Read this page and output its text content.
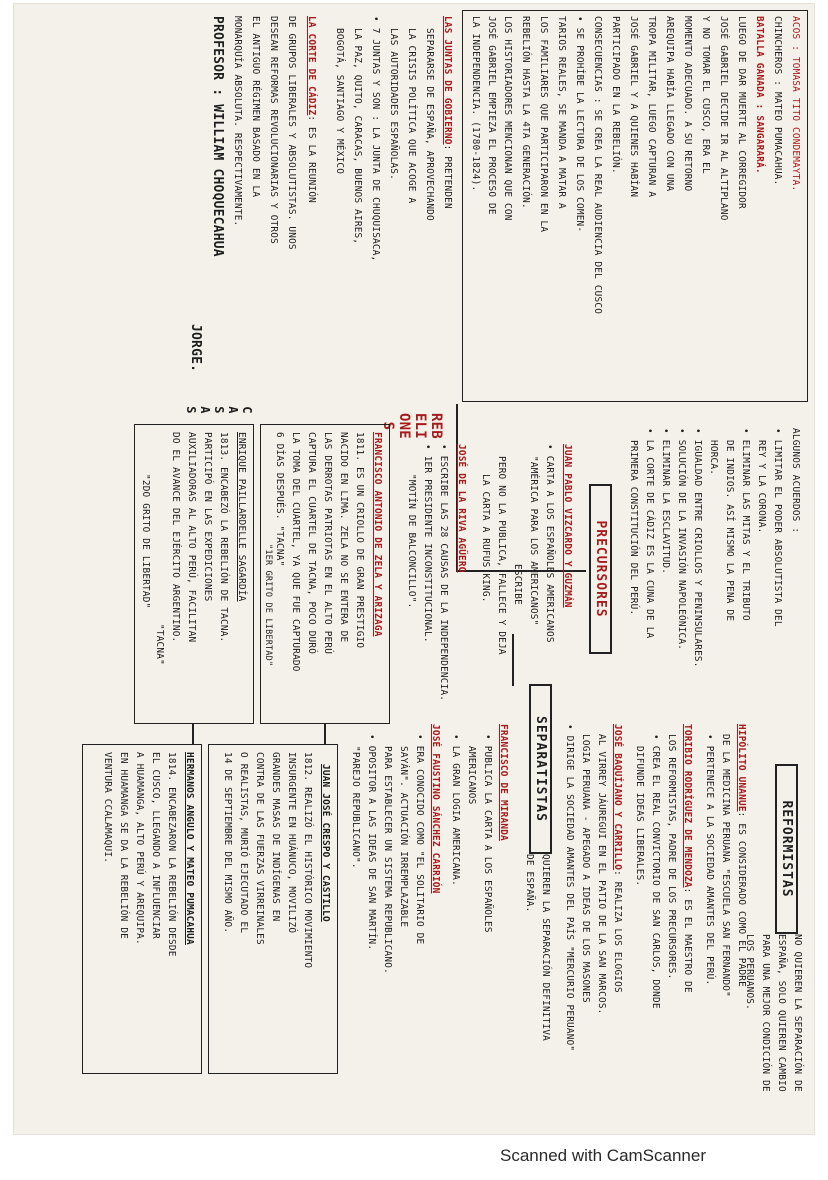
ACOS : TOMASA TITO CONDEMAYTA.
CHINCHEROS : MATEO PUMACAHUA.
BATALLA GANADA : SANGARARÁ.
LUEGO DE DAR MUERTE AL CORREGIDOR
JOSÉ GABRIEL DECIDE IR AL ALTIPLANO
Y NO TOMAR EL CUSCO, ERA EL
MOMENTO ADECUADO. A SU RETORNO
AREQUIPA HABÍA LLEGADO CON UNA
TROPA MILITAR, LUEGO CAPTURAN A
JOSÉ GABRIEL Y A QUIENES HABÍAN
PARTICIPADO EN LA REBELIÓN.
CONSECUENCIAS : SE CREA LA REAL AUDIENCIA DEL CUSCO
• SE PROHÍBE LA LECTURA DE LOS COMEN-
TARIOS REALES, SE MANDA A MATAR A
LOS FAMILIARES QUE PARTICIPARON EN LA
REBELIÓN HASTA LA 4TA GENERACIÓN.
LOS HISTORIADORES MENCIONAN QUE CON
JOSÉ GABRIEL EMPIEZA EL PROCESO DE
LA INDEPENDENCIA. (1780-1824).
LAS JUNTAS DE GOBIERNO: PRETENDEN
SEPARARSE DE ESPAÑA, APROVECHANDO
LA CRISIS POLÍTICA QUE ACOGE A
LAS AUTORIDADES ESPAÑOLAS.
• 7 JUNTAS Y SON : LA JUNTA DE CHUQUISACA,
LA PAZ, QUITO, CARACAS, BUENOS AIRES,
BOGOTÁ, SANTIAGO Y MÉXICO
LA CORTE DE CÁDIZ: ES LA REUNIÓN
DE GRUPOS LIBERALES Y ABSOLUTISTAS. UNOS
DESEAN REFORMAS REVOLUCIONARIAS Y OTROS
EL ANTIGUO RÉGIMEN BASADO EN LA
MONARQUÍA ABSOLUTA. RESPECTIVAMENTE.
PROFESOR : WILLIAM CHOQUECAHUA
JORGE.
ALGUNOS ACUERDOS :
• LIMITAR EL PODER ABSOLUTISTA DEL
REY Y LA CORONA.
• ELIMINAR LAS MITAS Y EL TRIBUTO
DE INDIOS. ASÍ MISMO LA PENA DE
HORCA.
• IGUALDAD ENTRE CRIOLLOS Y PENINSULARES.
• SOLUCIÓN DE LA INVASIÓN NAPOLEÓNICA.
• ELIMINAR LA ESCLAVITUD.
• LA CORTE DE CÁDIZ ES LA CUNA DE LA
PRIMERA CONSTITUCIÓN DEL PERÚ.
PRECURSORES
REBELIONES
JUAN PABLO VIZCARDO Y GUZMÁN
• CARTA A LOS ESPAÑOLES AMERICANOS
"AMÉRICA PARA LOS AMERICANOS"
ESCRIBE
PERO NO LA PUBLICA, FALLECE Y DEJA
LA CARTA A RUFUS KING.
JOSÉ DE LA RIVA AGÜERO
• ESCRIBE LAS 28 CAUSAS DE LA INDEPENDENCIA.
• 1ER PRESIDENTE INCONSTITUCIONAL.
"MOTÍN DE BALCONCILLO".
FRANCISCO ANTONIO DE ZELA Y ARIZAGA
1811. ES UN CRIOLLO DE GRAN PRESTIGIO
NACIDO EN LIMA. ZELA NO SE ENTERA DE
LAS DERROTAS PATRIOTAS EN EL ALTO PERÚ
CAPTURA EL CUARTEL DE TACNA, POCO DURÓ
LA TOMA DEL CUARTEL, YA QUE FUE CAPTURADO
6 DÍAS DESPUÉS. "TACNA"
"1ER GRITO DE LIBERTAD"
ENRIQUE PAILLARDELLE SAGARDÍA
1813. ENCABEZÓ LA REBELIÓN DE TACNA.
PARTICIPÓ EN LAS EXPEDICIONES
AUXILIADORAS AL ALTO PERÚ, FACILITAN
DO EL AVANCE DEL EJÉRCITO ARGENTINO.
"TACNA"
"2DO GRITO DE LIBERTAD"
CASAS
REFORMISTAS
NO QUIEREN LA SEPARACIÓN DE
ESPAÑA, SOLO QUIEREN CAMBIO
PARA UNA MEJOR CONDICIÓN DE
LOS PERUANOS.
HIPÓLITO UNANUE: ES CONSIDERADO COMO EL PADRE
DE LA MEDICINA PERUANA "ESCUELA SAN FERNANDO"
• PERTENECE A LA SOCIEDAD AMANTES DEL PERÚ.
TORIBIO RODRÍGUEZ DE MENDOZA: ES EL MAESTRO DE
LOS REFORMISTAS, PADRE DE LOS PRECURSORES.
• CREA EL REAL CONVICTORIO DE SAN CARLOS, DONDE
DIFUNDE IDEAS LIBERALES.
JOSÉ BAQUÍJANO Y CARRILLO: REALIZA LOS ELOGIOS
AL VIRREY JÁUREGUI EN EL PATIO DE LA SAN MARCOS.
LOGIA PERUANA - APEGADO A IDEAS DE LOS MASONES
• DIRIGE LA SOCIEDAD AMANTES DEL PAÍS "MERCURIO PERUANO"
SEPARATISTAS
QUIEREN LA SEPARACIÓN DEFINITIVA
DE ESPAÑA.
FRANCISCO DE MIRANDA
• PUBLICA LA CARTA A LOS ESPAÑOLES
AMERICANOS
• LA GRAN LOGIA AMERICANA.
JOSÉ FAUSTINO SÁNCHEZ CARRIÓN
• ERA CONOCIDO COMO "EL SOLITARIO DE
SAYÁN". ACTUACIÓN IRREMPLAZABLE
PARA ESTABLECER UN SISTEMA REPUBLICANO.
• OPOSITOR A LAS IDEAS DE SAN MARTÍN.
"PAREJO REPUBLICANO".
JUAN JOSÉ CRESPO Y CASTILLO
1812. REALIZÓ EL HISTÓRICO MOVIMIENTO
INSURGENTE EN HUÁNUCO, MOVILIZÓ
GRANDES MASAS DE INDÍGENAS EN
CONTRA DE LAS FUERZAS VIRREINALES
O REALISTAS, MURIÓ EJECUTADO EL
14 DE SEPTIEMBRE DEL MISMO AÑO.
HERMANOS ANGULO Y MATEO PUMACAHUA
1814. ENCABEZARON LA REBELIÓN DESDE
EL CUSCO, LLEGANDO A INFLUENCIAR
A HUAMANGA, ALTO PERÚ Y AREQUIPA.
EN HUAMANGA SE DA LA REBELIÓN DE
VENTURA CCALAMAQUI.
Scanned with CamScanner
